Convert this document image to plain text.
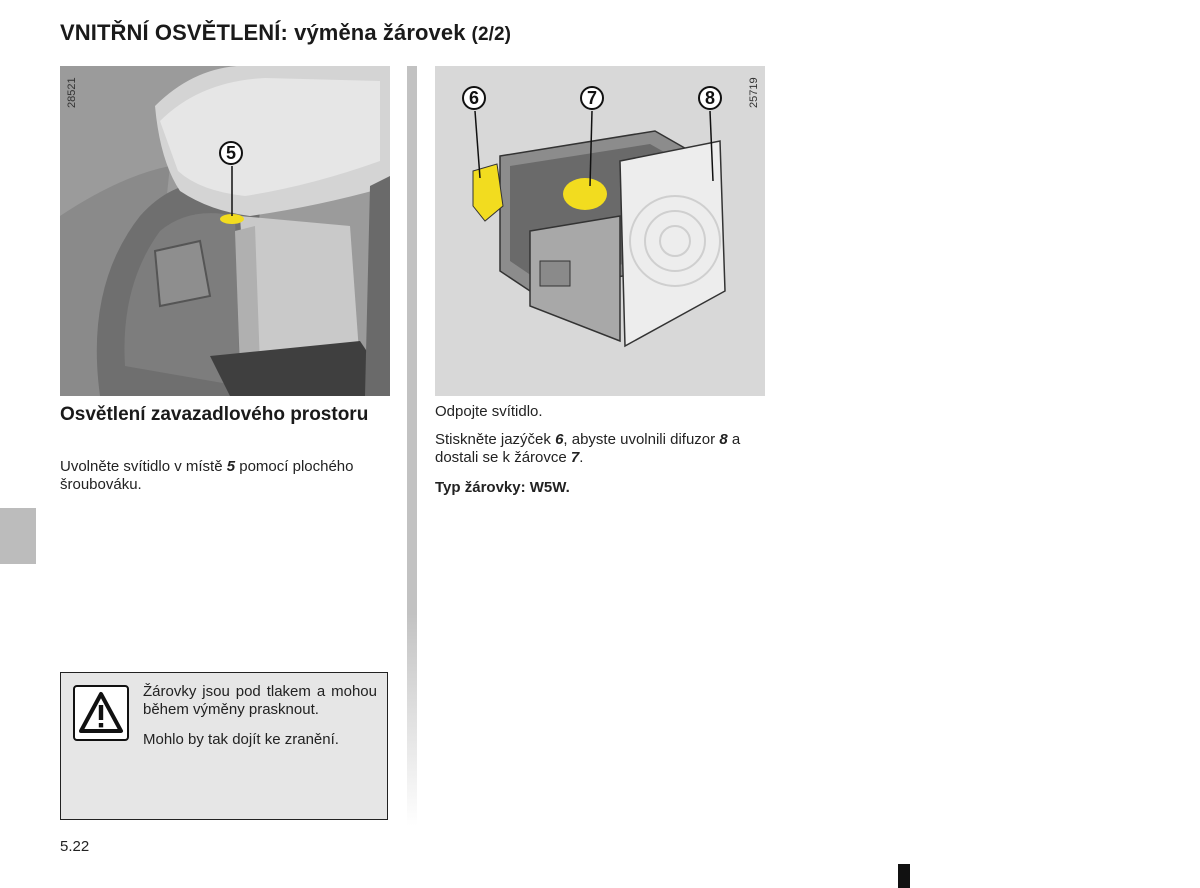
VNITŘNÍ OSVĚTLENÍ: výměna žárovek (2/2)
5
28521	6	7	8	25719
Osvětlení zavazadlového prostoru
Uvolněte svítidlo v místě 5 pomocí plochého šroubováku.
Žárovky jsou pod tlakem a mohou během výměny prasknout.
Mohlo by tak dojít ke zranění.
Odpojte svítidlo.
Stiskněte jazýček 6, abyste uvolnili difuzor 8 a dostali se k žárovce 7.
Typ žárovky: W5W.
5.22
